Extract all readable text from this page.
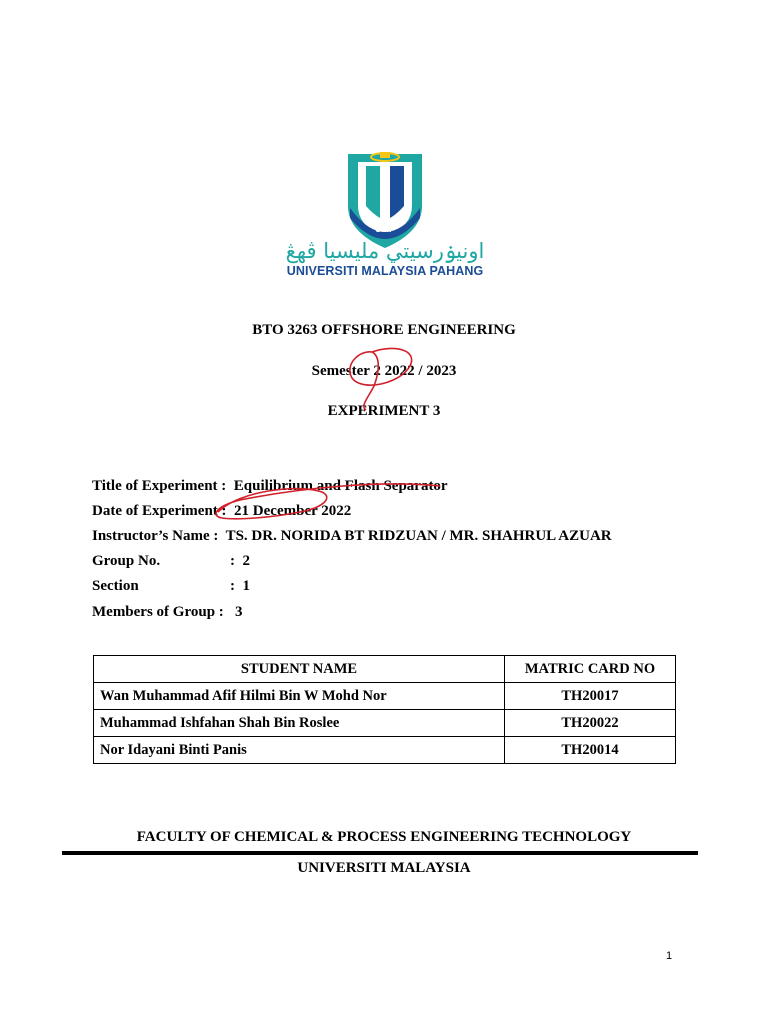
UMP
اونيۏرسيتي مليسيا ڤهڠ
UNIVERSITI MALAYSIA PAHANG
BTO 3263 OFFSHORE ENGINEERING
Semester 2 2022 / 2023
EXPERIMENT 3
Title of Experiment :  Equilibrium and Flash Separator
Date of Experiment :  21 December 2022
Instructor’s Name :  TS. DR. NORIDA BT RIDZUAN / MR. SHAHRUL AZUAR
Group No.	:  2
Section	:  1
Members of Group :   3
STUDENT NAME	MATRIC CARD NO
Wan Muhammad Afif Hilmi Bin W Mohd Nor	TH20017
Muhammad Ishfahan Shah Bin Roslee	TH20022
Nor Idayani Binti Panis	TH20014
FACULTY OF CHEMICAL & PROCESS ENGINEERING TECHNOLOGY
UNIVERSITI MALAYSIA
1
